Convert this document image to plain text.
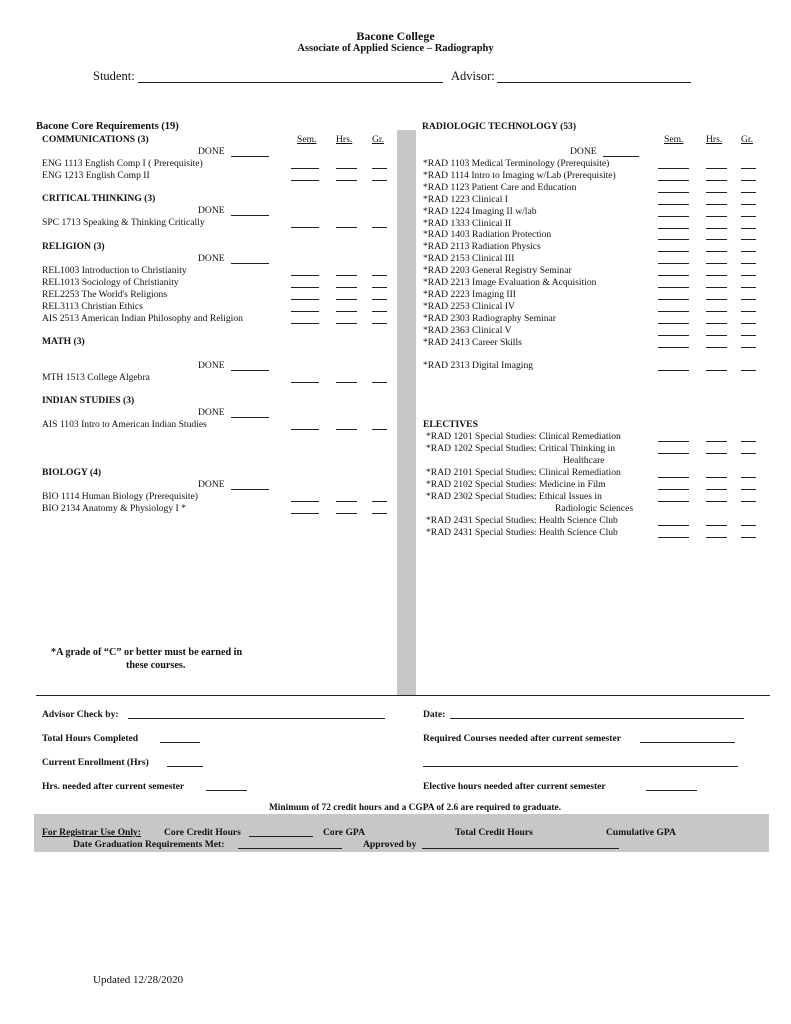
Bacone College
Associate of Applied Science – Radiography
Student:	Advisor:
Bacone Core Requirements (19)
Sem. Hrs. Gr.
COMMUNICATIONS (3)
DONE
ENG 1113 English Comp I ( Prerequisite)
ENG 1213 English Comp II
CRITICAL THINKING (3)
DONE
SPC 1713 Speaking & Thinking Critically
RELIGION (3)
DONE
REL1003 Introduction to Christianity
REL1013 Sociology of Christianity
REL2253 The World's Religions
REL3113 Christian Ethics
AIS 2513 American Indian Philosophy and Religion
MATH (3)
DONE
MTH 1513 College Algebra
INDIAN STUDIES (3)
DONE
AIS 1103 Intro to American Indian Studies
BIOLOGY (4)
DONE
BIO 1114 Human Biology (Prerequisite)
BIO 2134 Anatomy & Physiology I *
*A grade of “C” or better must be earned in
these courses.
RADIOLOGIC TECHNOLOGY (53)
Sem. Hrs. Gr.
DONE
*RAD 1103 Medical Terminology (Prerequisite)
*RAD 1114 Intro to Imaging w/Lab (Prerequisite)
*RAD 1123 Patient Care and Education
*RAD 1223 Clinical I
*RAD 1224 Imaging II w/lab
*RAD 1333 Clinical II
*RAD 1403 Radiation Protection
*RAD 2113 Radiation Physics
*RAD 2153 Clinical III
*RAD 2203 General Registry Seminar
*RAD 2213 Image Evaluation & Acquisition
*RAD 2223 Imaging III
*RAD 2253 Clinical IV
*RAD 2303 Radiography Seminar
*RAD 2363 Clinical V
*RAD 2413 Career Skills
*RAD 2313 Digital Imaging
ELECTIVES
*RAD 1201 Special Studies: Clinical Remediation
*RAD 1202 Special Studies: Critical Thinking in
Healthcare
*RAD 2101 Special Studies: Clinical Remediation
*RAD 2102 Special Studies: Medicine in Film
*RAD 2302 Special Studies: Ethical Issues in
Radiologic Sciences
*RAD 2431 Special Studies: Health Science Club
*RAD 2431 Special Studies: Health Science Club
Advisor Check by:	Date:
Total Hours Completed	Required Courses needed after current semester
Current Enrollment (Hrs)
Hrs. needed after current semester	Elective hours needed after current semester
Minimum of 72 credit hours and a CGPA of 2.6 are required to graduate.
For Registrar Use Only: Core Credit Hours	Core GPA	Total Credit Hours	Cumulative GPA
Date Graduation Requirements Met:	Approved by
Updated 12/28/2020
